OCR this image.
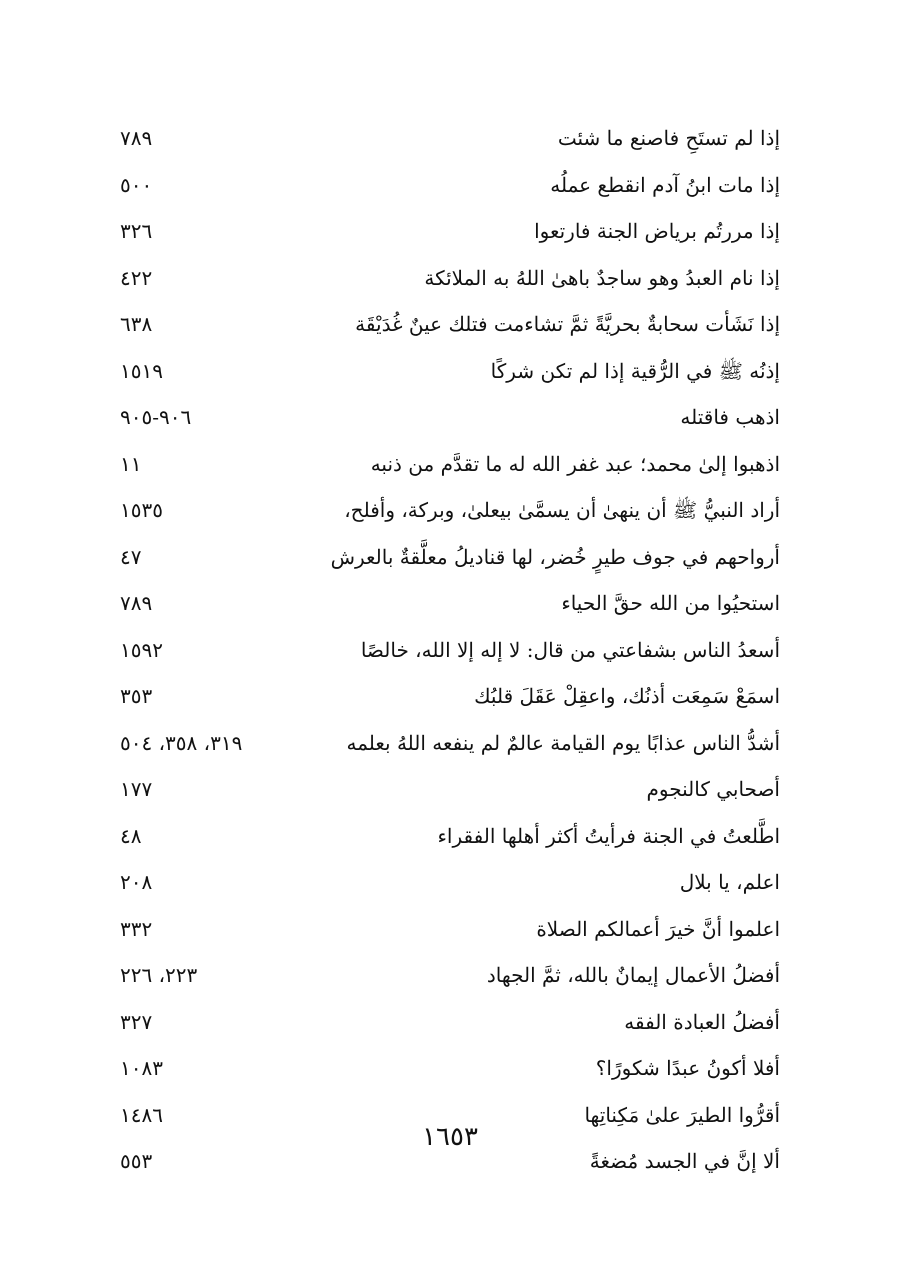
إذا لم تستَحِ فاصنع ما شئت
٧٨٩
إذا مات ابنُ آدم انقطع عملُه
٥٠٠
إذا مررتُم برياض الجنة فارتعوا
٣٢٦
إذا نام العبدُ وهو ساجدٌ باهىٰ اللهُ به الملائكة
٤٢٢
إذا نَشَأت سحابةٌ بحريَّةً ثمَّ تشاءمت فتلك عينٌ غُدَيْقَة
٦٣٨
إذنُه ﷺ في الرُّقية إذا لم تكن شركًا
١٥١٩
اذهب فاقتله
٩٠٦-٩٠٥
اذهبوا إلىٰ محمد؛ عبد غفر الله له ما تقدَّم من ذنبه
١١
أراد النبيُّ ﷺ أن ينهىٰ أن يسمَّىٰ بيعلىٰ، وبركة، وأفلح،
١٥٣٥
أرواحهم في جوف طيرٍ خُضر، لها قناديلُ معلَّقةٌ بالعرش
٤٧
استحيُوا من الله حقَّ الحياء
٧٨٩
أسعدُ الناس بشفاعتي من قال: لا إله إلا الله، خالصًا
١٥٩٢
اسمَعْ سَمِعَت أذنُك، واعقِلْ عَقَلَ قلبُك
٣٥٣
أشدُّ الناس عذابًا يوم القيامة عالمٌ لم ينفعه اللهُ بعلمه
٣١٩، ٣٥٨، ٥٠٤
أصحابي كالنجوم
١٧٧
اطَّلعتُ في الجنة فرأيتُ أكثر أهلها الفقراء
٤٨
اعلم، يا بلال
٢٠٨
اعلموا أنَّ خيرَ أعمالكم الصلاة
٣٣٢
أفضلُ الأعمال إيمانٌ بالله، ثمَّ الجهاد
٢٢٣، ٢٢٦
أفضلُ العبادة الفقه
٣٢٧
أفلا أكونُ عبدًا شكورًا؟
١٠٨٣
أقرُّوا الطيرَ علىٰ مَكِناتِها
١٤٨٦
ألا إنَّ في الجسد مُضغةً
٥٥٣
١٦٥٣
